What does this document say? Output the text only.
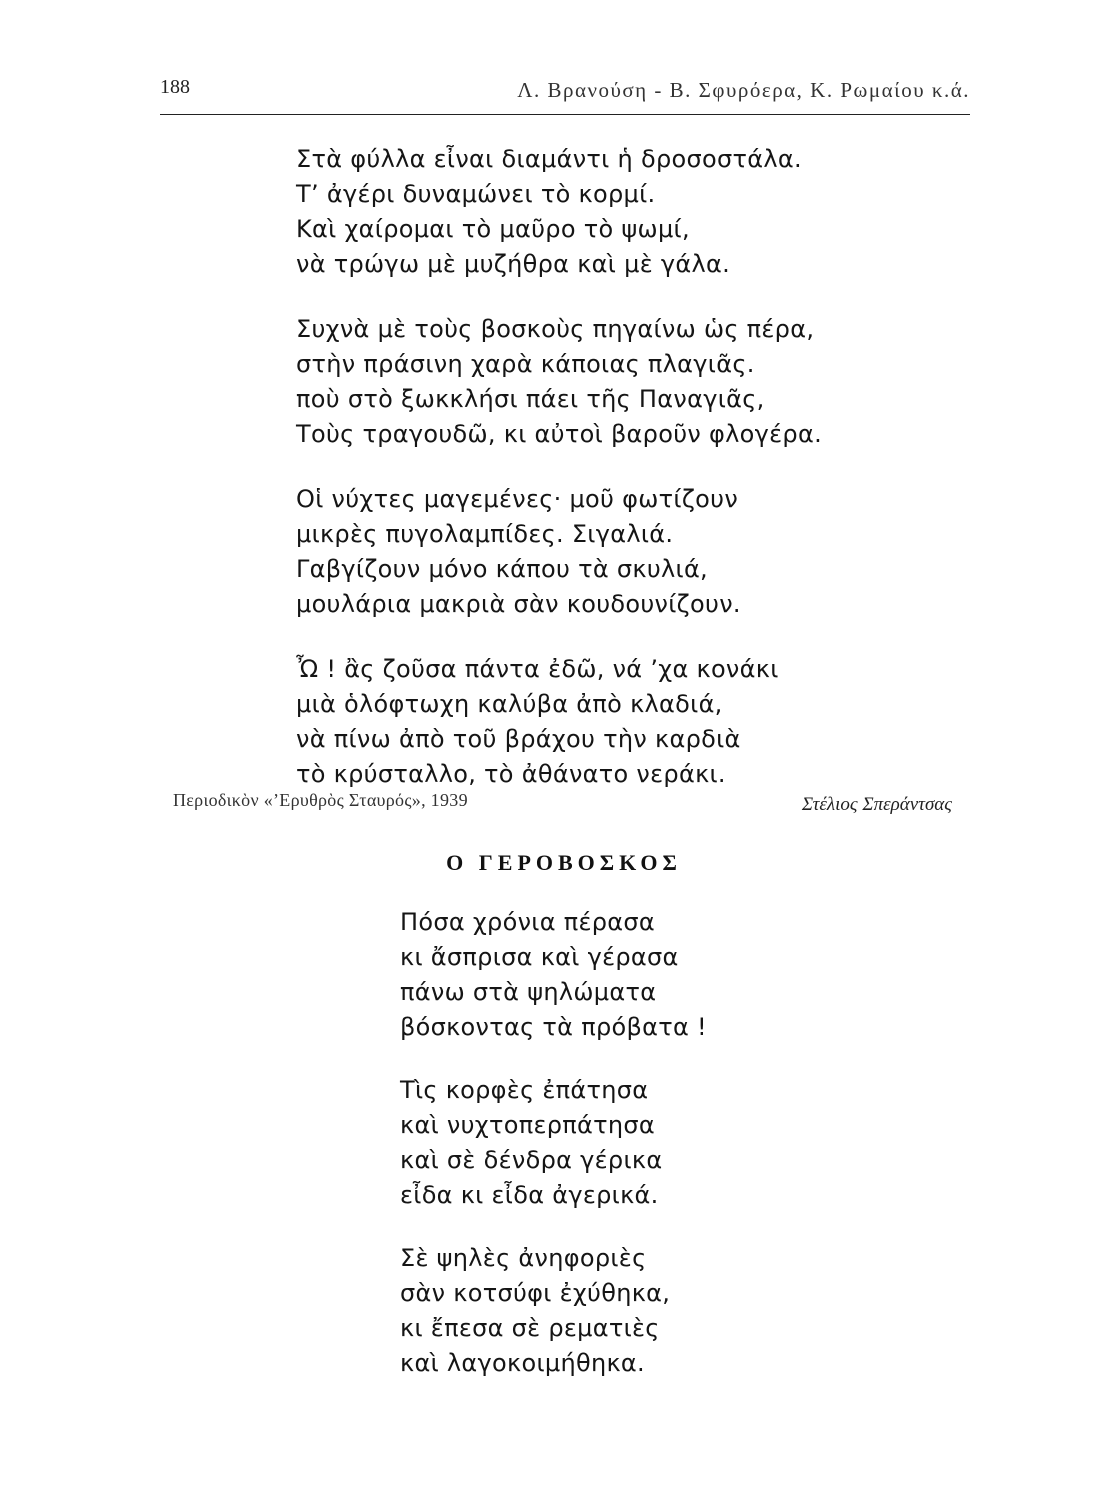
188	Λ. Βρανούση - Β. Σφυρόερα, Κ. Ρωμαίου κ.ά.
Στὰ φύλλα εἶναι διαμάντι ἡ δροσοστάλα.
Τ’ ἀγέρι δυναμώνει τὸ κορμί.
Καὶ χαίρομαι τὸ μαῦρο τὸ ψωμί,
νὰ τρώγω μὲ μυζήθρα καὶ μὲ γάλα.
Συχνὰ μὲ τοὺς βοσκοὺς πηγαίνω ὡς πέρα,
στὴν πράσινη χαρὰ κάποιας πλαγιᾶς.
ποὺ στὸ ξωκκλήσι πάει τῆς Παναγιᾶς,
Τοὺς τραγουδῶ, κι αὐτοὶ βαροῦν φλογέρα.
Οἱ νύχτες μαγεμένες· μοῦ φωτίζουν
μικρὲς πυγολαμπίδες. Σιγαλιά.
Γαβγίζουν μόνο κάπου τὰ σκυλιά,
μουλάρια μακριὰ σὰν κουδουνίζουν.
Ὦ ! ἂς ζοῦσα πάντα ἐδῶ, νά ’χα κονάκι
μιὰ ὁλόφτωχη καλύβα ἀπὸ κλαδιά,
νὰ πίνω ἀπὸ τοῦ βράχου τὴν καρδιὰ
τὸ κρύσταλλο, τὸ ἀθάνατο νεράκι.
Περιοδικὸν «’Ερυθρὸς Σταυρός», 1939	Στέλιος Σπεράντσας
Ο ΓΕΡΟΒΟΣΚΟΣ
Πόσα χρόνια πέρασα
κι ἄσπρισα καὶ γέρασα
πάνω στὰ ψηλώματα
βόσκοντας τὰ πρόβατα !
Τὶς κορφὲς ἐπάτησα
καὶ νυχτοπερπάτησα
καὶ σὲ δένδρα γέρικα
εἶδα κι εἶδα ἀγερικά.
Σὲ ψηλὲς ἀνηφοριὲς
σὰν κοτσύφι ἐχύθηκα,
κι ἔπεσα σὲ ρεματιὲς
καὶ λαγοκοιμήθηκα.
